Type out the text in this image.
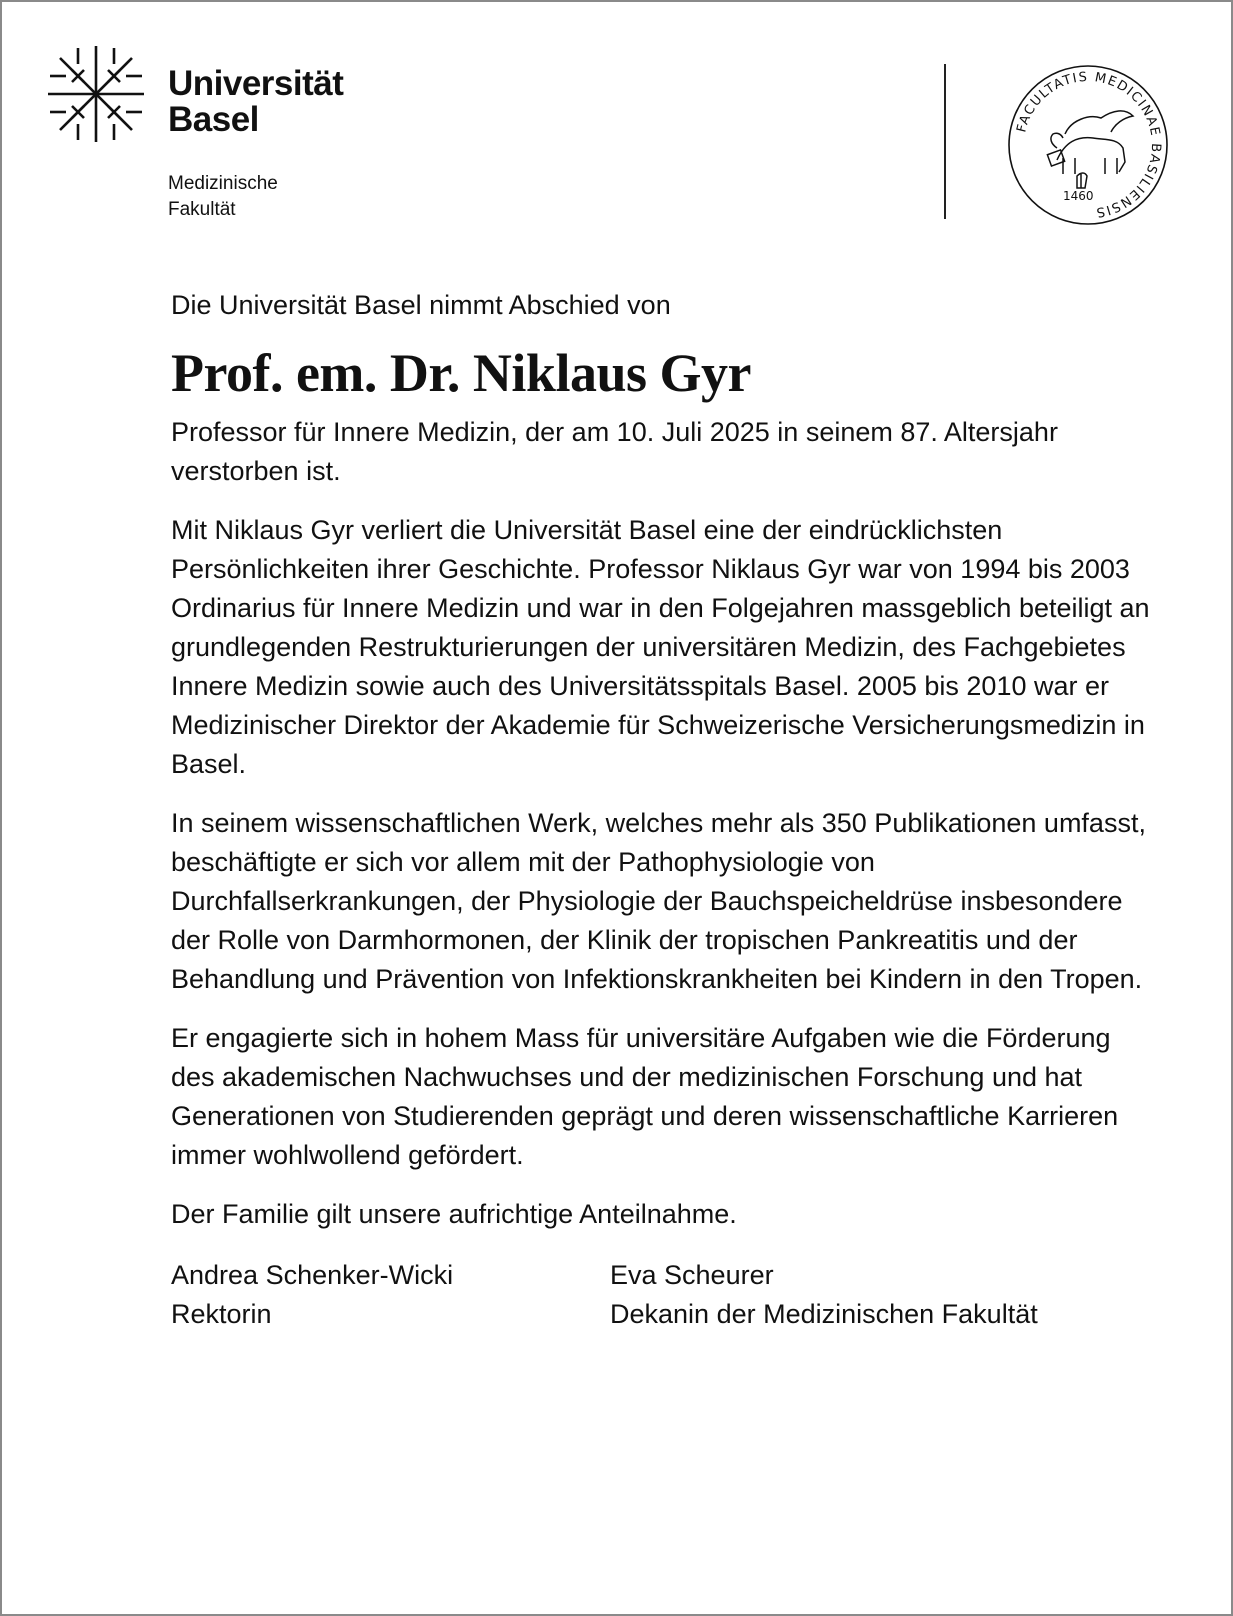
Universität
Basel
Medizinische
Fakultät
FACULTATIS MEDICINAE BASILIENSIS
1460

Die Universität Basel nimmt Abschied von

Prof. em. Dr. Niklaus Gyr

Professor für Innere Medizin, der am 10. Juli 2025 in seinem 87. Altersjahr verstorben ist.

Mit Niklaus Gyr verliert die Universität Basel eine der eindrücklichsten Persönlichkeiten ihrer Geschichte. Professor Niklaus Gyr war von 1994 bis 2003 Ordinarius für Innere Medizin und war in den Folgejahren massgeblich beteiligt an grundlegenden Restrukturierungen der universitären Medizin, des Fachgebietes Innere Medizin sowie auch des Universitätsspitals Basel. 2005 bis 2010 war er Medizinischer Direktor der Akademie für Schweizerische Versicherungsmedizin in Basel.

In seinem wissenschaftlichen Werk, welches mehr als 350 Publikationen umfasst, beschäftigte er sich vor allem mit der Pathophysiologie von Durchfallserkrankungen, der Physiologie der Bauchspeicheldrüse insbesondere der Rolle von Darmhormonen, der Klinik der tropischen Pankreatitis und der Behandlung und Prävention von Infektionskrankheiten bei Kindern in den Tropen.

Er engagierte sich in hohem Mass für universitäre Aufgaben wie die Förderung des akademischen Nachwuchses und der medizinischen Forschung und hat Generationen von Studierenden geprägt und deren wissenschaftliche Karrieren immer wohlwollend gefördert.

Der Familie gilt unsere aufrichtige Anteilnahme.

Andrea Schenker-Wicki
Rektorin
Eva Scheurer
Dekanin der Medizinischen Fakultät
